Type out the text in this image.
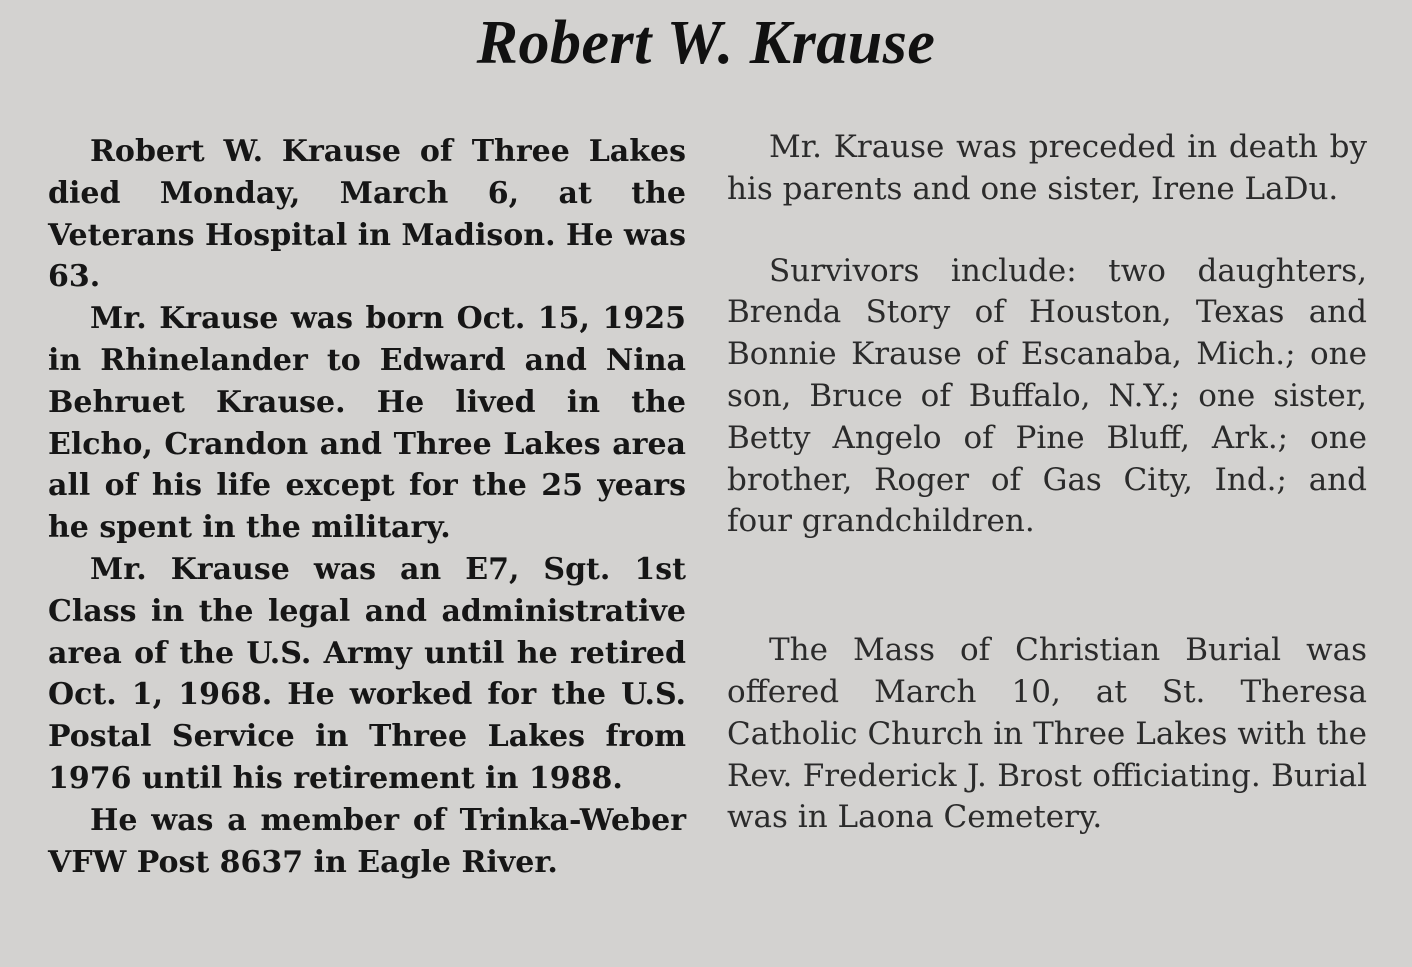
Robert W. Krause

Robert W. Krause of Three Lakes died Monday, March 6, at the Veterans Hospital in Madison. He was 63.

Mr. Krause was born Oct. 15, 1925 in Rhinelander to Edward and Nina Behruet Krause. He lived in the Elcho, Crandon and Three Lakes area all of his life except for the 25 years he spent in the military.

Mr. Krause was an E7, Sgt. 1st Class in the legal and administrative area of the U.S. Army until he retired Oct. 1, 1968. He worked for the U.S. Postal Service in Three Lakes from 1976 until his retirement in 1988.

He was a member of Trinka-Weber VFW Post 8637 in Eagle River.

Mr. Krause was preceded in death by his parents and one sister, Irene LaDu.

Survivors include: two daughters, Brenda Story of Houston, Texas and Bonnie Krause of Escanaba, Mich.; one son, Bruce of Buffalo, N.Y.; one sister, Betty Angelo of Pine Bluff, Ark.; one brother, Roger of Gas City, Ind.; and four grandchildren.

The Mass of Christian Burial was offered March 10, at St. Theresa Catholic Church in Three Lakes with the Rev. Frederick J. Brost officiating. Burial was in Laona Cemetery.
